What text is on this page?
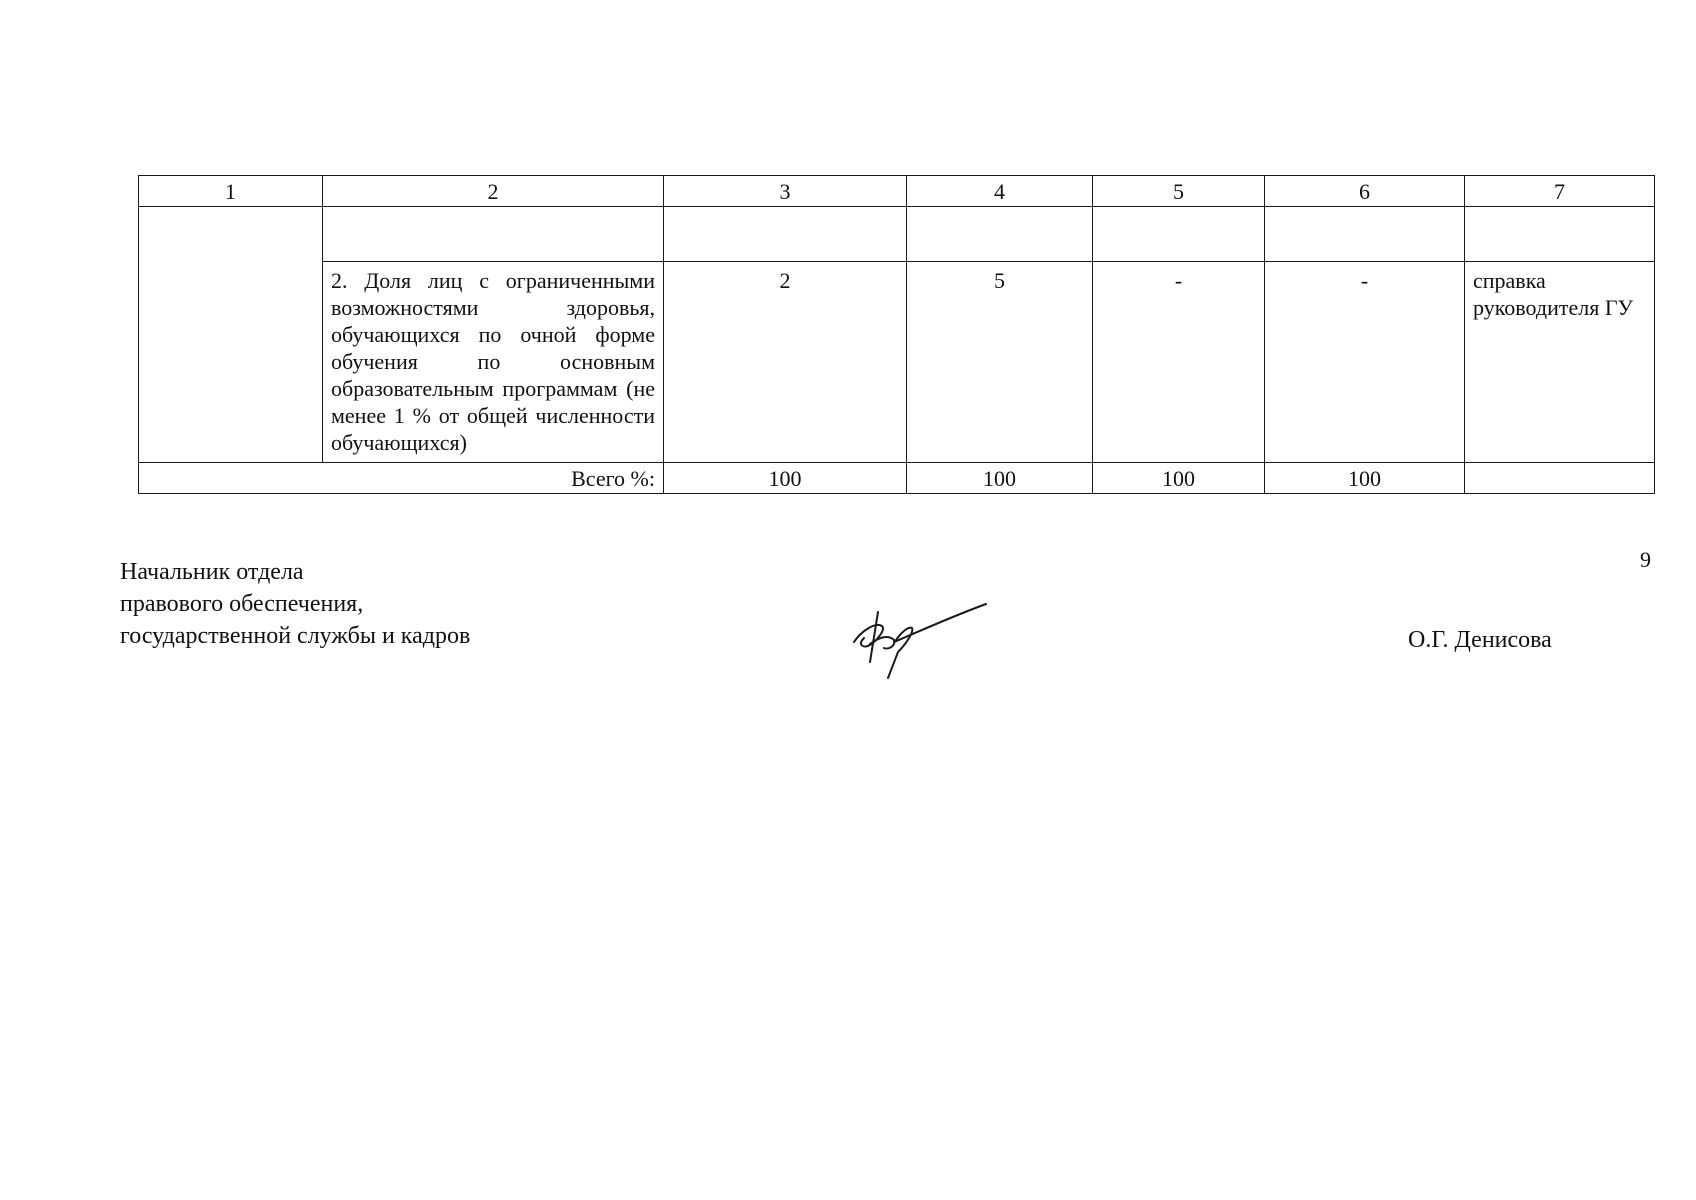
1	2	3	4	5	6	7

	2. Доля лиц с ограниченными возможностями здоровья, обучающихся по очной форме обучения по основным образовательным программам (не менее 1 % от общей численности обучающихся)	2	5	-	-	справка руководителя ГУ
Всего %:		100	100	100	100	
Начальник отдела
правового обеспечения,
государственной службы и кадров
9
О.Г. Денисова
